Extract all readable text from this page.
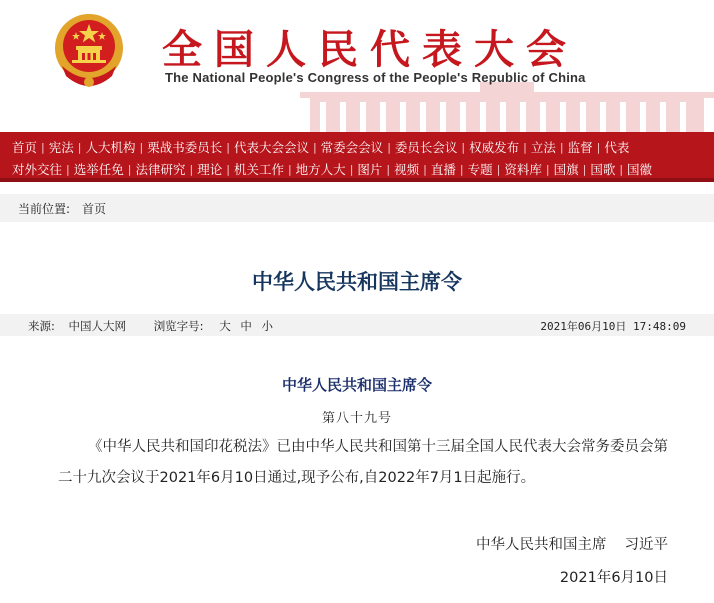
全国人民代表大会
The National People's Congress of the People's Republic of China
首页 | 宪法 | 人大机构 | 栗战书委员长 | 代表大会会议 | 常委会会议 | 委员长会议 | 权威发布 | 立法 | 监督 | 代表
对外交往 | 选举任免 | 法律研究 | 理论 | 机关工作 | 地方人大 | 图片 | 视频 | 直播 | 专题 | 资料库 | 国旗 | 国歌 | 国徽
当前位置: 首页
中华人民共和国主席令
来源: 中国人大网 浏览字号: 大 中 小	2021年06月10日 17:48:09
中华人民共和国主席令
第八十九号

《中华人民共和国印花税法》已由中华人民共和国第十三届全国人民代表大会常务委员会第二十九次会议于2021年6月10日通过,现予公布,自2022年7月1日起施行。

中华人民共和国主席 习近平
2021年6月10日
